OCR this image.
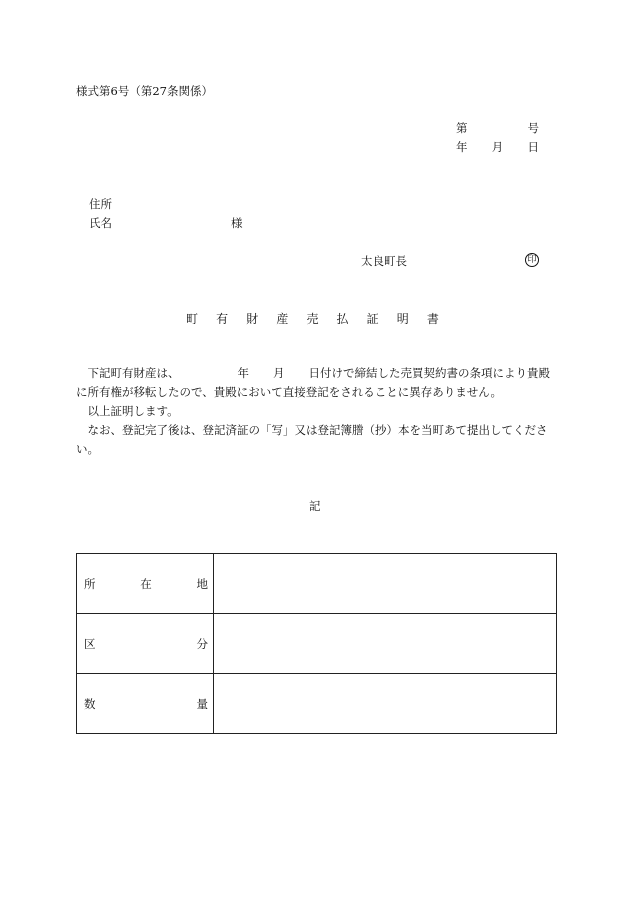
様式第6号（第27条関係）
第	号
年 月 日
住所
氏名	様
太良町長	印
町 有 財 産 売 払 証 明 書

下記町有財産は、	年 月 日付けで締結した売買契約書の条項により貴殿に所有権が移転したので、貴殿において直接登記をされることに異存ありません。

以上証明します。

なお、登記完了後は、登記済証の「写」又は登記簿謄（抄）本を当町あて提出してください。

記
所 在 地	

区 分	

数 量	
